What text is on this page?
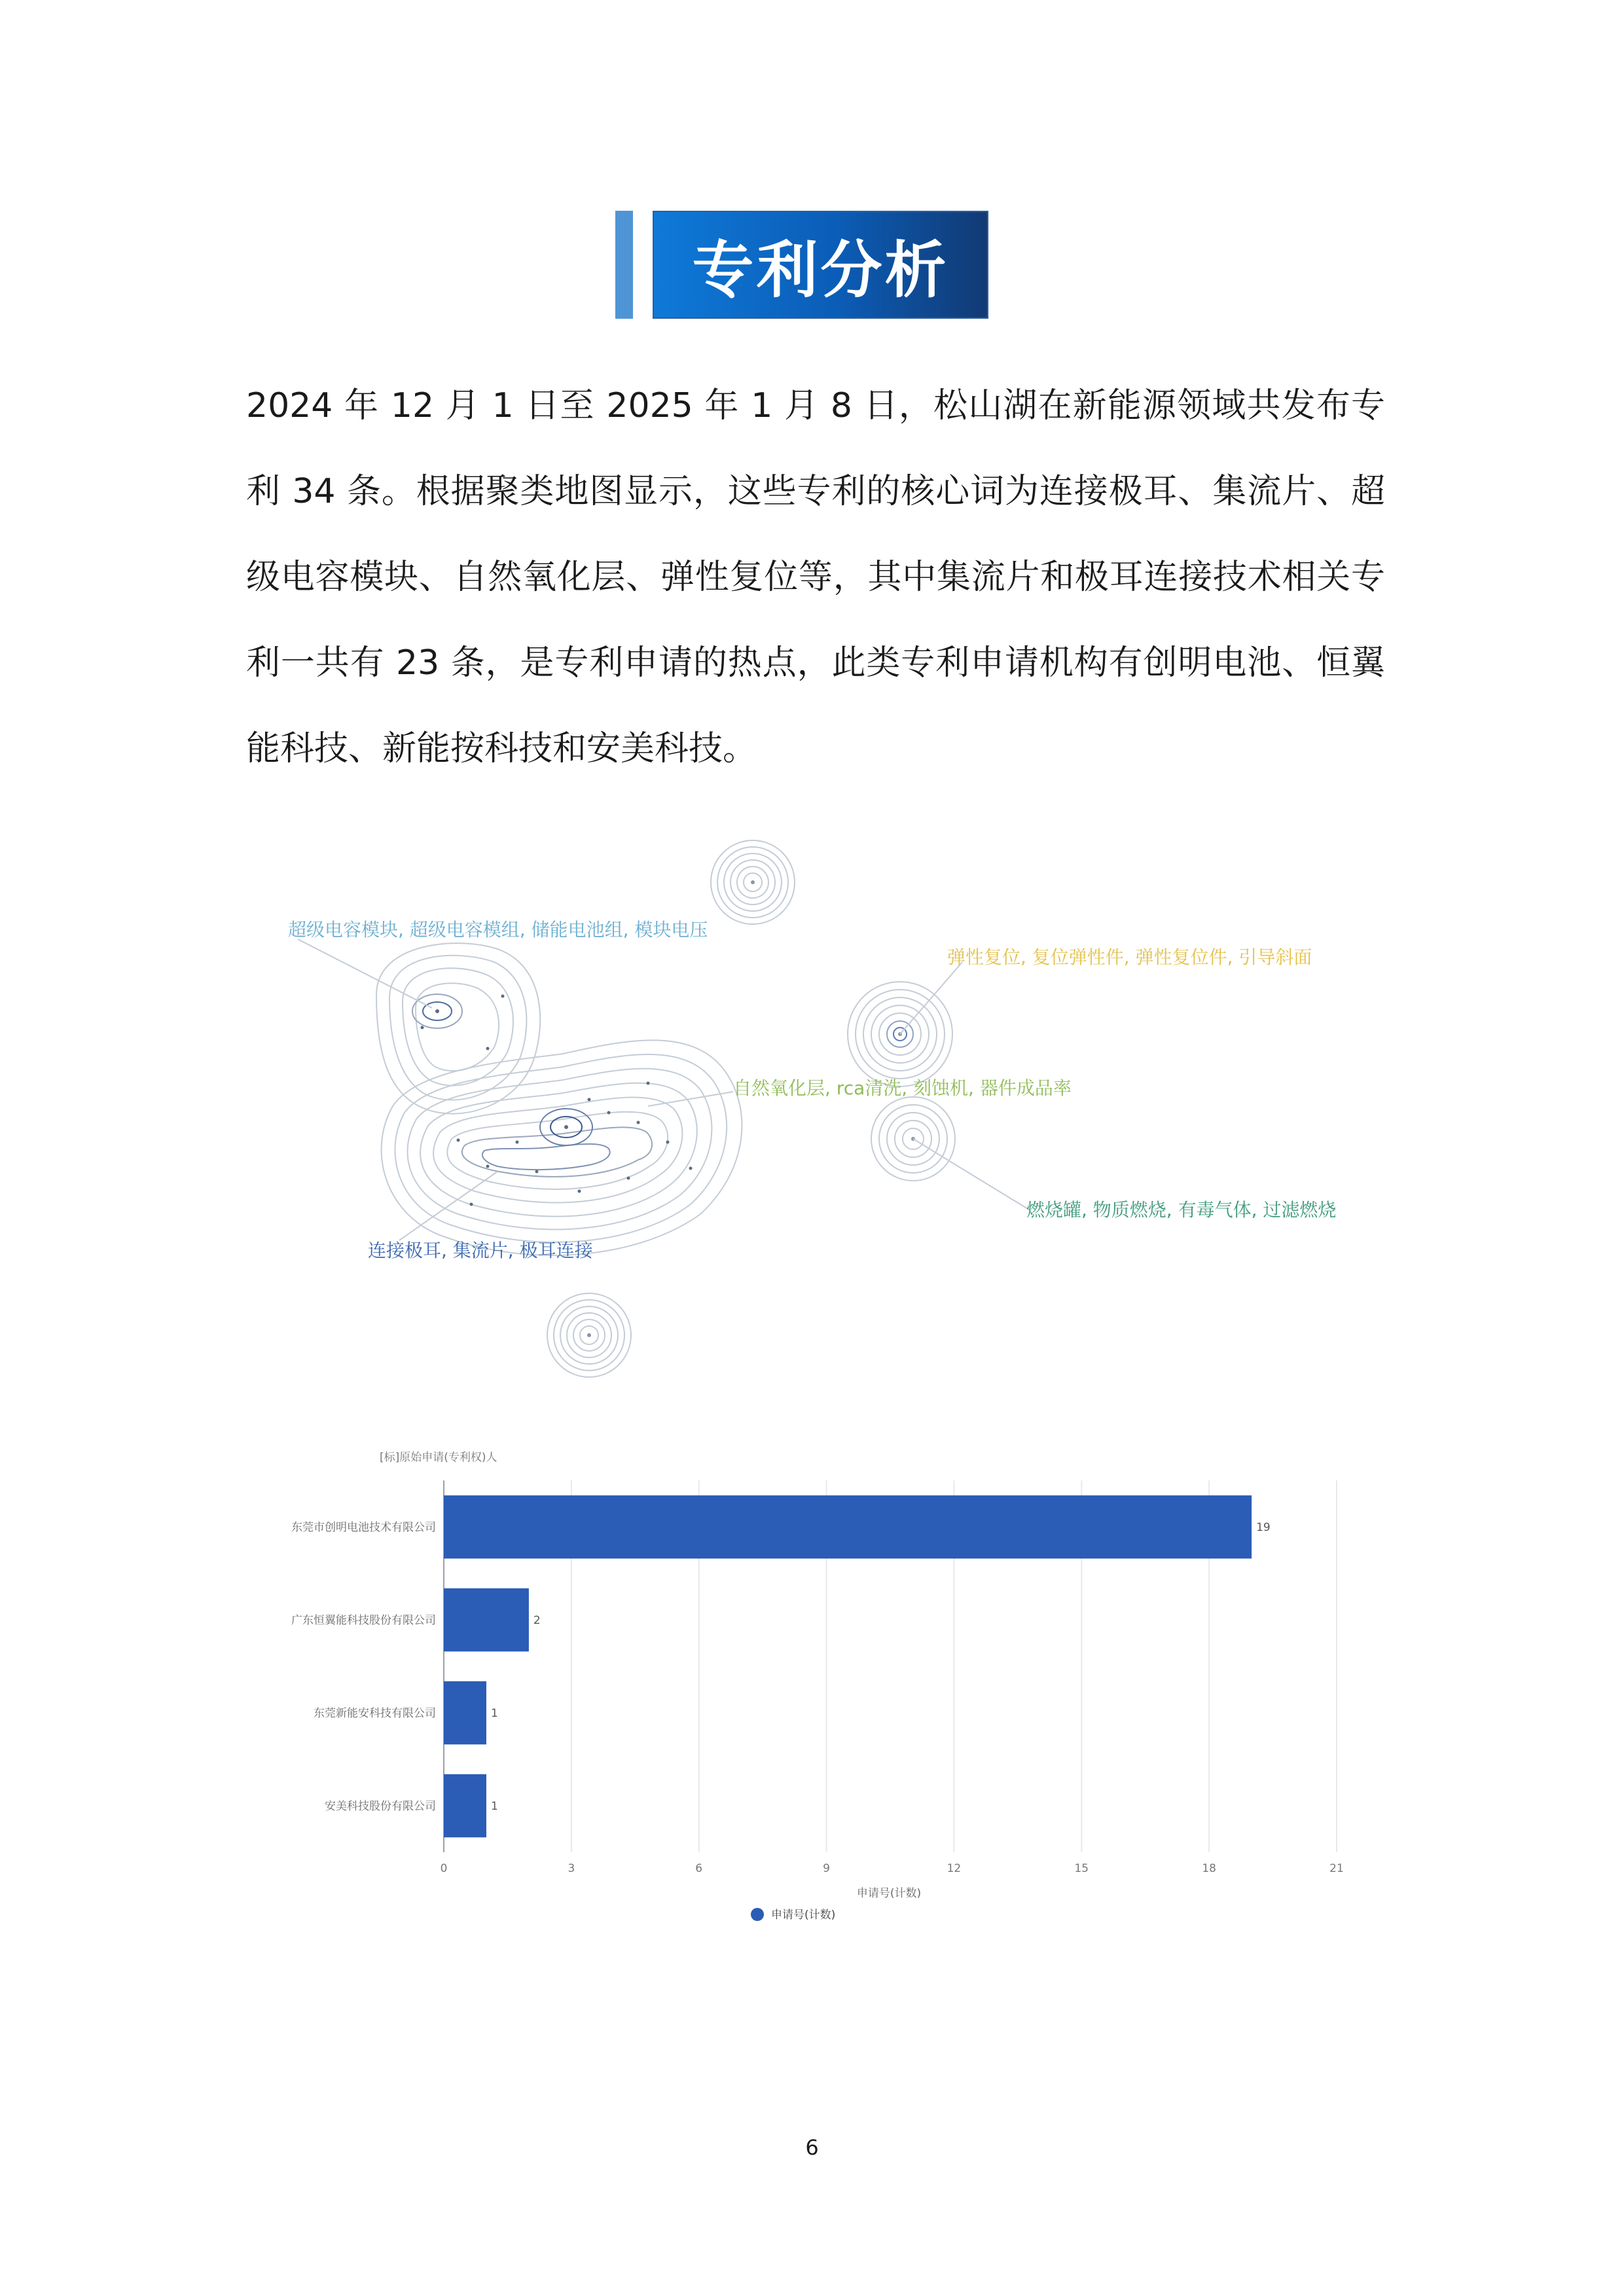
专利分析

2024 年 12 月 1 日至 2025 年 1 月 8 日，松山湖在新能源领域共发布专利 34 条。根据聚类地图显示，这些专利的核心词为连接极耳、集流片、超级电容模块、自然氧化层、弹性复位等，其中集流片和极耳连接技术相关专利一共有 23 条，是专利申请的热点，此类专利申请机构有创明电池、恒翼能科技、新能按科技和安美科技。

超级电容模块, 超级电容模组, 储能电池组, 模块电压
弹性复位, 复位弹性件, 弹性复位件, 引导斜面
自然氧化层, rca清洗, 刻蚀机, 器件成品率
燃烧罐, 物质燃烧, 有毒气体, 过滤燃烧
连接极耳, 集流片, 极耳连接
[标]原始申请(专利权)人
0	3	6	9	12	15	18	21
19
2
1
1
东莞市创明电池技术有限公司
广东恒翼能科技股份有限公司
东莞新能安科技有限公司
安美科技股份有限公司
申请号(计数)
申请号(计数)
6
